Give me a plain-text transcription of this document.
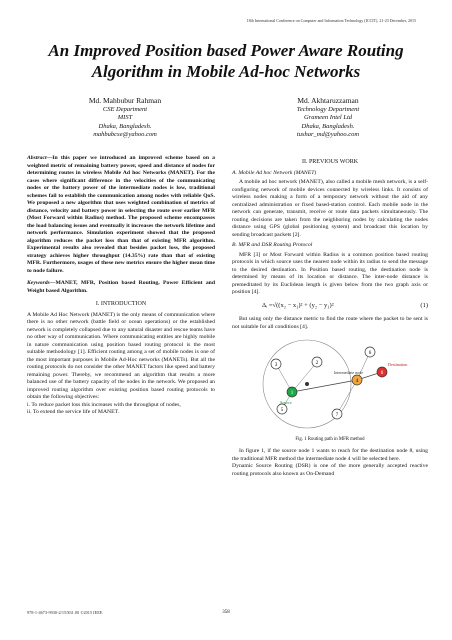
18th International Conference on Computer and Information Technology (ICCIT), 21-23 December, 2015
An Improved Position based Power Aware Routing Algorithm in Mobile Ad-hoc Networks
Md. Mahbubur Rahman
CSE Department
MIST
Dhaka, Bangladesh.
mahbubcse@yahoo.com
Md. Akhtaruzzaman
Technology Department
Grameen Intel Ltd
Dhaka, Bangladesh.
tushar_md@yahoo.com

Abstract—In this paper we introduced an improved scheme based on a weighted metric of remaining battery power, speed and distance of nodes for determining routes in wireless Mobile Ad hoc Networks (MANET). For the cases where significant difference in the velocities of the communicating nodes or the battery power of the intermediate nodes is low, traditional schemes fail to establish the communication among nodes with reliable QoS. We proposed a new algorithm that uses weighted combination of metrics of distance, velocity and battery power in selecting the route over earlier MFR (Most Forward within Radius) method. The proposed scheme encompasses the load balancing issues and eventually it increases the network lifetime and network performance. Simulation experiment showed that the proposed algorithm reduces the packet loss than that of existing MFR algorithm. Experimental results also revealed that besides packet loss, the proposed strategy achieves higher throughput (14.35%) rate than that of existing MFR. Furthermore, usages of these new metrics ensure the higher mean time to node failure.

Keywords—MANET, MFR, Position based Routing, Power Efficient and Weight based Algorithm.

I. INTRODUCTION

A Mobile Ad Hoc Network (MANET) is the only means of communication where there is no other network (battle field or ocean operations) or the established network is completely collapsed due to any natural disaster and rescue teams have no other way of communication. Where communicating entities are highly mobile in nature communication using position based routing protocol is the most suitable methodology [1]. Efficient routing among a set of mobile nodes is one of the most important purposes in Mobile Ad-Hoc networks (MANETs). But all the routing protocols do not consider the other MANET factors like speed and battery remaining power. Thereby, we recommend an algorithm that results a more balanced use of the battery capacity of the nodes in the network. We proposed an improved routing algorithm over existing position based routing protocols to obtain the following objectives:

i. To reduce packet loss this increases with the throughput of nodes,

ii. To extend the service life of MANET.

II. PREVIOUS WORK
A. Mobile Ad hoc Network (MANET)

A mobile ad hoc network (MANET), also called a mobile mesh network, is a self-configuring network of mobile devices connected by wireless links. It consists of wireless nodes making a form of a temporary network without the aid of any centralized administration or fixed based-station control. Each mobile node in the network can generate, transmit, receive or route data packets simultaneously. The routing decisions are taken from the neighboring nodes by calculating the nodes distance using GPS (global positioning system) and broadcast this location by sending broadcast packets [2].

B. MFR and DSR Routing Protocol

MFR [3] or Most Forward within Radius is a common position based routing protocols in which source uses the nearest node within its radius to send the message to the desired destination. In Position based routing, the destination node is determined by means of its location or distance. The inter-node distance is premeditated by its Euclidean length is given below from the two graph axis or position [4].

Δᵢ =√((x₂ − x₁)² + (y₂ − y₁)²	(1)

But using only the distance metric to find the route where the packet to be sent is not suitable for all conditions [4].

3
1
5
2
6
4
7
8
Source
Destination
Intermediate node
Fig. 1 Routing path in MFR method

In figure 1, if the source node 1 wants to reach for the destination node 8, using the traditional MFR method the intermediate node 4 will be selected here.

Dynamic Source Routing (DSR) is one of the more generally accepted reactive routing protocols also known as On-Demand

978-1-4673-9930-2/15/$31.00 ©2015 IEEE	358
